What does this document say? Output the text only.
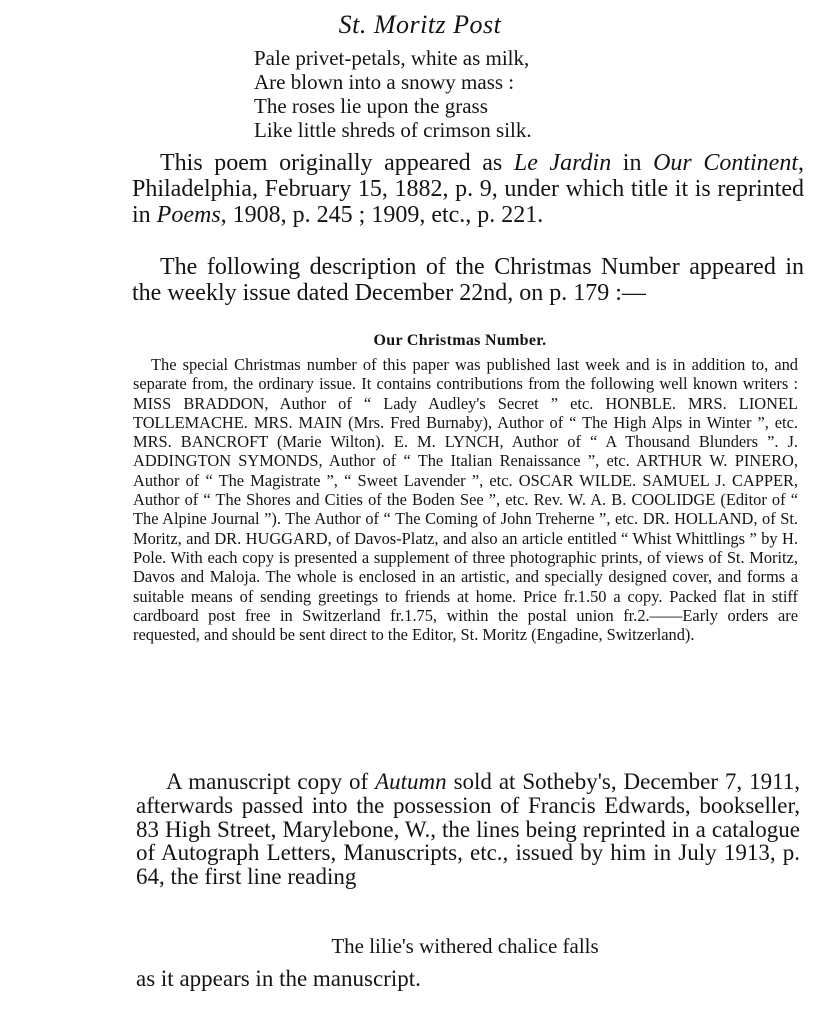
St. Moritz Post
Pale privet-petals, white as milk,
Are blown into a snowy mass :
The roses lie upon the grass
Like little shreds of crimson silk.
This poem originally appeared as Le Jardin in Our Continent, Philadelphia, February 15, 1882, p. 9, under which title it is reprinted in Poems, 1908, p. 245 ; 1909, etc., p. 221.
The following description of the Christmas Number appeared in the weekly issue dated December 22nd, on p. 179 :—
Our Christmas Number.
The special Christmas number of this paper was published last week and is in addition to, and separate from, the ordinary issue. It contains contributions from the following well known writers : MISS BRADDON, Author of “ Lady Audley's Secret ” etc. HONBLE. MRS. LIONEL TOLLEMACHE. MRS. MAIN (Mrs. Fred Burnaby), Author of “ The High Alps in Winter ”, etc. MRS. BANCROFT (Marie Wilton). E. M. LYNCH, Author of “ A Thousand Blunders ”. J. ADDINGTON SYMONDS, Author of “ The Italian Renaissance ”, etc. ARTHUR W. PINERO, Author of “ The Magistrate ”, “ Sweet Lavender ”, etc. OSCAR WILDE. SAMUEL J. CAPPER, Author of “ The Shores and Cities of the Boden See ”, etc. Rev. W. A. B. COOLIDGE (Editor of “ The Alpine Journal ”). The Author of “ The Coming of John Treherne ”, etc. DR. HOLLAND, of St. Moritz, and DR. HUGGARD, of Davos-Platz, and also an article entitled “ Whist Whittlings ” by H. Pole. With each copy is presented a supplement of three photographic prints, of views of St. Moritz, Davos and Maloja. The whole is enclosed in an artistic, and specially designed cover, and forms a suitable means of sending greetings to friends at home. Price fr.1.50 a copy. Packed flat in stiff cardboard post free in Switzerland fr.1.75, within the postal union fr.2.——Early orders are requested, and should be sent direct to the Editor, St. Moritz (Engadine, Switzerland).
A manuscript copy of Autumn sold at Sotheby's, December 7, 1911, afterwards passed into the possession of Francis Edwards, bookseller, 83 High Street, Marylebone, W., the lines being reprinted in a catalogue of Autograph Letters, Manuscripts, etc., issued by him in July 1913, p. 64, the first line reading
The lilie's withered chalice falls
as it appears in the manuscript.
